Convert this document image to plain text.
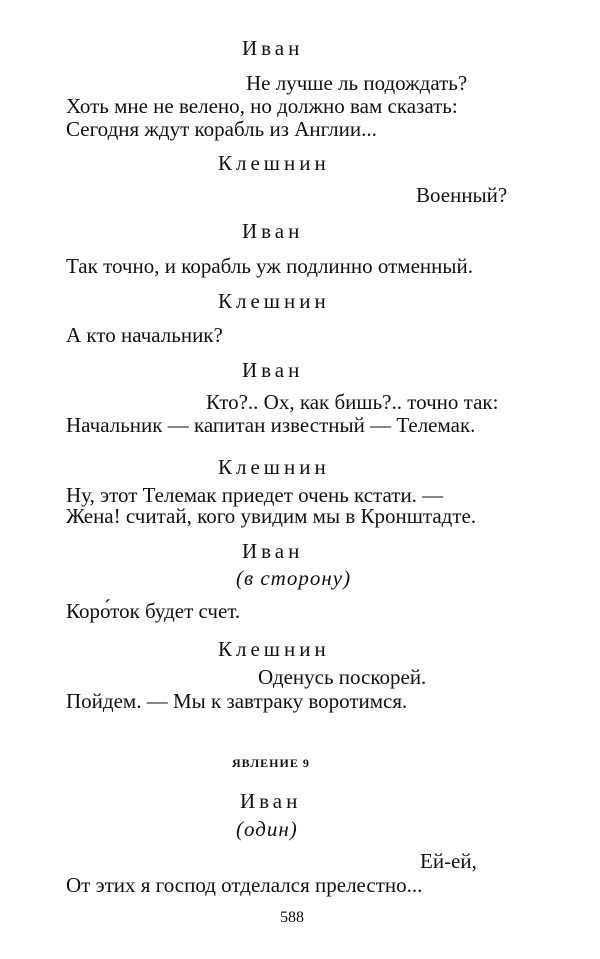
Иван
Не лучше ль подождать?
Хоть мне не велено, но должно вам сказать:
Сегодня ждут корабль из Англии...
Клешнин
Военный?
Иван
Так точно, и корабль уж подлинно отменный.
Клешнин
А кто начальник?
Иван
Кто?.. Ох, как бишь?.. точно так:
Начальник — капитан известный — Телемак.
Клешнин
Ну, этот Телемак приедет очень кстати. —
Жена! считай, кого увидим мы в Кронштадте.
Иван
(в сторону)
Коро́ток будет счет.
Клешнин
Оденусь поскорей.
Пойдем. — Мы к завтраку воротимся.
ЯВЛЕНИЕ 9
Иван
(один)
Ей-ей,
От этих я господ отделался прелестно...
588
